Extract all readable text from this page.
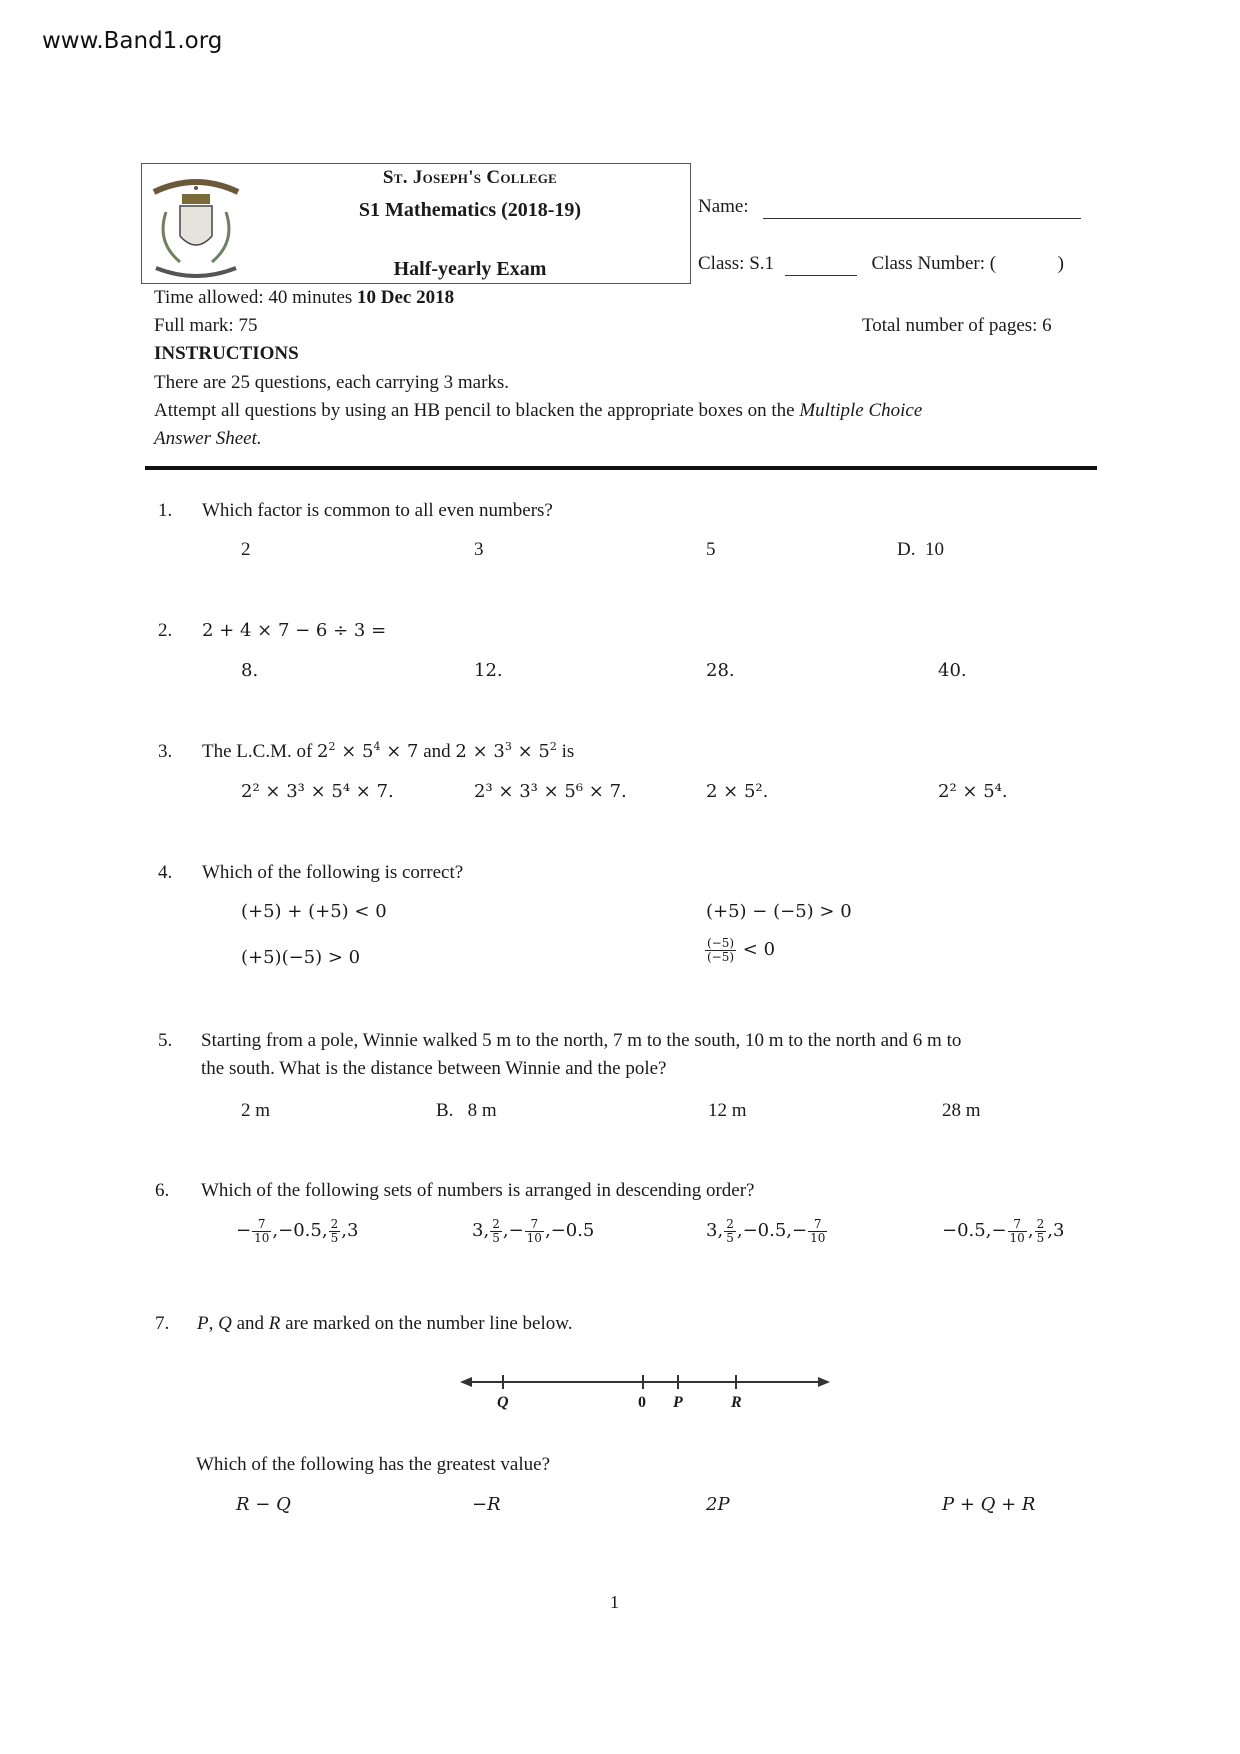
www.Band1.org
St. Joseph's College
S1 Mathematics (2018-19)
Half-yearly Exam
Name:
Class: S.1	Class Number: (	)
Time allowed: 40 minutes 10 Dec 2018
Full mark: 75	Total number of pages: 6
INSTRUCTIONS
There are 25 questions, each carrying 3 marks.
Attempt all questions by using an HB pencil to blacken the appropriate boxes on the Multiple Choice
Answer Sheet.
1. Which factor is common to all even numbers?
2	3	5	D.  10
2. 2 + 4 × 7 − 6 ÷ 3 =
8.	12.	28.	40.
3. The L.C.M. of $2^2 \times 5^4 \times 7$ and $2 \times 3^3 \times 5^2$ is
2² × 3³ × 5⁴ × 7.	2³ × 3³ × 5⁶ × 7.	2 × 5².	2² × 5⁴.
4. Which of the following is correct?
(+5) + (+5) < 0	(+5) − (−5) > 0
(+5)(−5) > 0	$\frac{(-5)}{(-5)} < 0$
5. Starting from a pole, Winnie walked 5 m to the north, 7 m to the south, 10 m to the north and 6 m to
the south. What is the distance between Winnie and the pole?
2 m	B.   8 m	12 m	28 m
6. Which of the following sets of numbers is arranged in descending order?
− $\frac{7}{10} ,-0.5$, $\frac{2}{5} ,3$	3, $\frac{2}{5}$ ,− $\frac{7}{10} ,-0.5$	3, $\frac{2}{5} ,-0.5,- \frac{7}{10}$	$-0.5,- \frac{7}{10}$ , $\frac{2}{5} ,3$
7. P, Q and R are marked on the number line below.
Q	0 P	R
Which of the following has the greatest value?
R − Q	−R	2P	P + Q + R
1
